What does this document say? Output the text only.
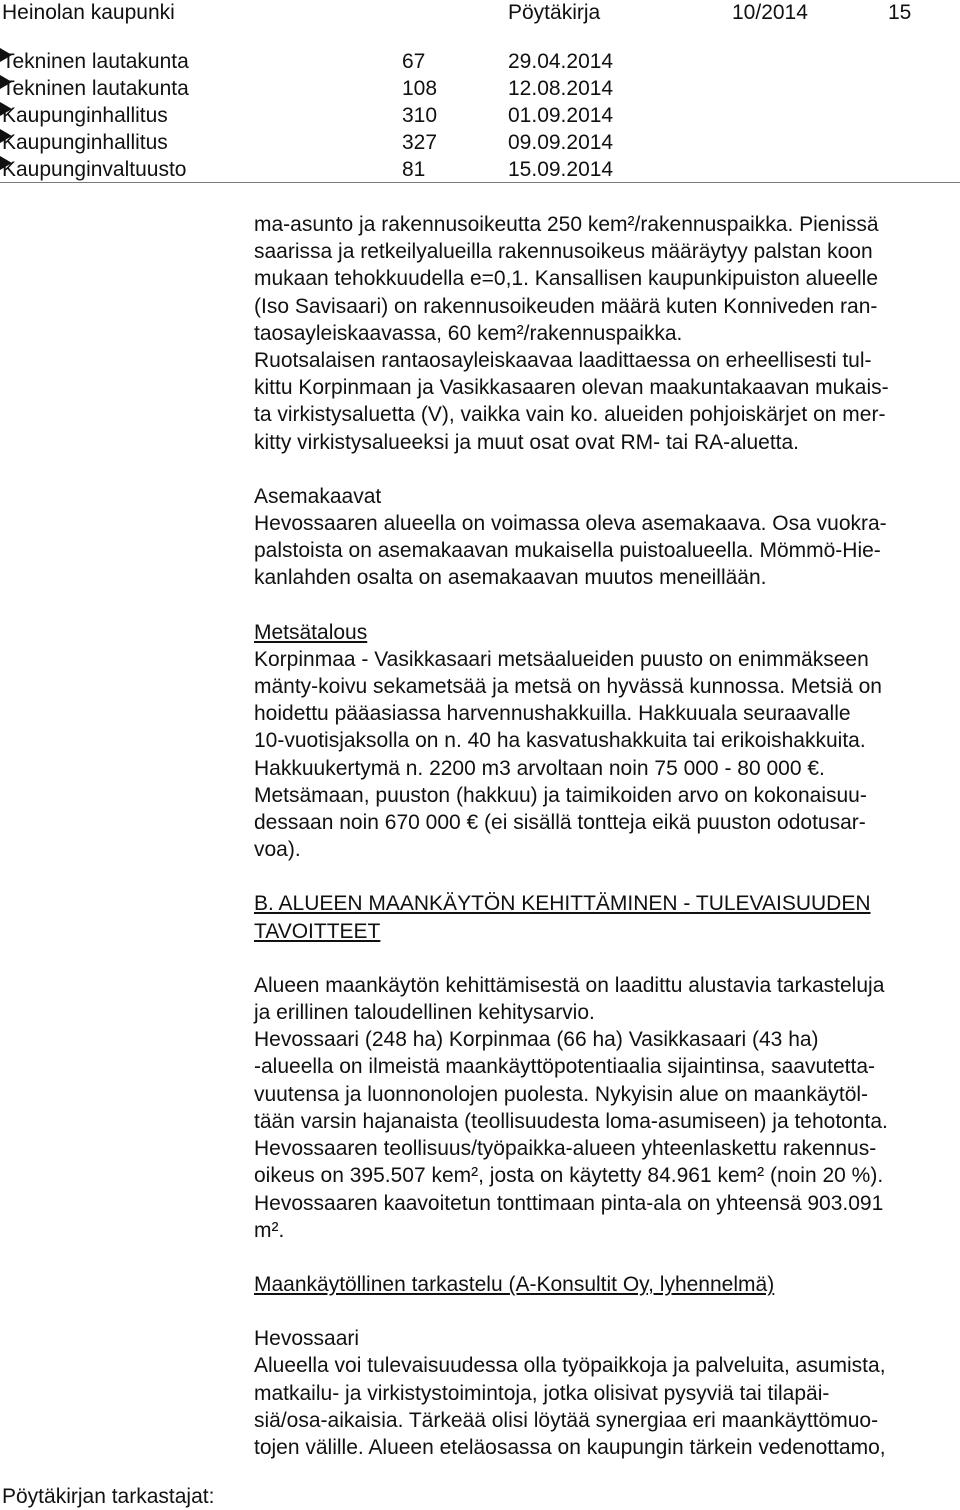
Heinolan kaupunki	Pöytäkirja	10/2014	15
Tekninen lautakunta	67	29.04.2014
Tekninen lautakunta	108	12.08.2014
Kaupunginhallitus	310	01.09.2014
Kaupunginhallitus	327	09.09.2014
Kaupunginvaltuusto	81	15.09.2014

ma-asunto ja rakennusoikeutta 250 kem²/rakennuspaikka. Pienissä

saarissa ja retkeilyalueilla rakennusoikeus määräytyy palstan koon

mukaan tehokkuudella e=0,1. Kansallisen kaupunkipuiston alueelle

(Iso Savisaari) on rakennusoikeuden määrä kuten Konniveden ran-

taosayleiskaavassa, 60 kem²/rakennuspaikka.

Ruotsalaisen rantaosayleiskaavaa laadittaessa on erheellisesti tul-

kittu Korpinmaan ja Vasikkasaaren olevan maakuntakaavan mukais-

ta virkistysaluetta (V), vaikka vain ko. alueiden pohjoiskärjet on mer-

kitty virkistysalueeksi ja muut osat ovat RM- tai RA-aluetta.

Asemakaavat

Hevossaaren alueella on voimassa oleva asemakaava. Osa vuokra-

palstoista on asemakaavan mukaisella puistoalueella. Mömmö-Hie-

kanlahden osalta on asemakaavan muutos meneillään.

Metsätalous

Korpinmaa - Vasikkasaari metsäalueiden puusto on enimmäkseen

mänty-koivu sekametsää ja metsä on hyvässä kunnossa. Metsiä on

hoidettu pääasiassa harvennushakkuilla. Hakkuuala seuraavalle

10-vuotisjaksolla on n. 40 ha kasvatushakkuita tai erikoishakkuita.

Hakkuukertymä n. 2200 m3 arvoltaan noin 75 000 - 80 000 €.

Metsämaan, puuston (hakkuu) ja taimikoiden arvo on kokonaisuu-

dessaan noin 670 000 € (ei sisällä tontteja eikä puuston odotusar-

voa).

B. ALUEEN MAANKÄYTÖN KEHITTÄMINEN - TULEVAISUUDEN

TAVOITTEET

Alueen maankäytön kehittämisestä on laadittu alustavia tarkasteluja

ja erillinen taloudellinen kehitysarvio.

Hevossaari (248 ha) Korpinmaa (66 ha) Vasikkasaari (43 ha)

-alueella on ilmeistä maankäyttöpotentiaalia sijaintinsa, saavutetta-

vuutensa ja luonnonolojen puolesta. Nykyisin alue on maankäytöl-

tään varsin hajanaista (teollisuudesta loma-asumiseen) ja tehotonta.

Hevossaaren teollisuus/työpaikka-alueen yhteenlaskettu rakennus-

oikeus on 395.507 kem², josta on käytetty 84.961 kem² (noin 20 %).

Hevossaaren kaavoitetun tonttimaan pinta-ala on yhteensä 903.091

m².

Maankäytöllinen tarkastelu (A-Konsultit Oy, lyhennelmä)

Hevossaari

Alueella voi tulevaisuudessa olla työpaikkoja ja palveluita, asumista,

matkailu- ja virkistystoimintoja, jotka olisivat pysyviä tai tilapäi-

siä/osa-aikaisia. Tärkeää olisi löytää synergiaa eri maankäyttömuo-

tojen välille. Alueen eteläosassa on kaupungin tärkein vedenottamo,

Pöytäkirjan tarkastajat:
